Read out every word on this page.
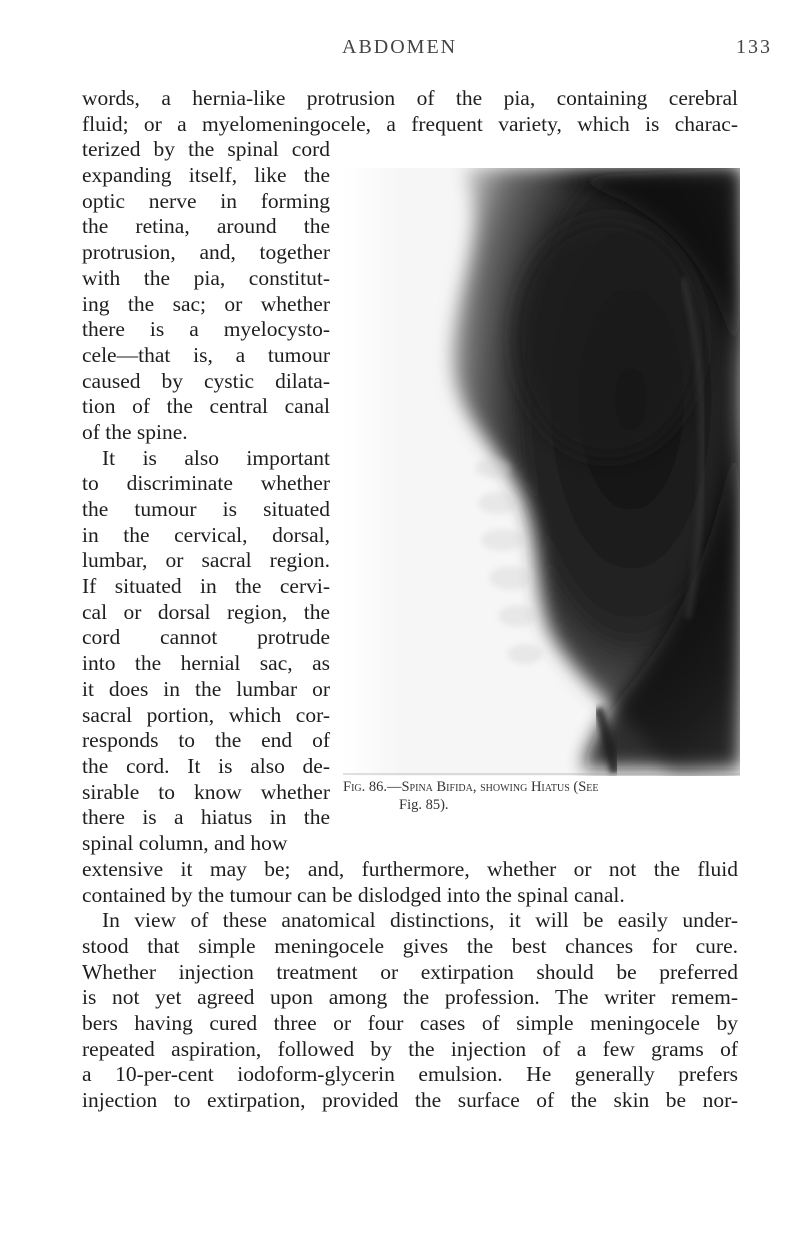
ABDOMEN	133
words, a hernia-like protrusion of the pia, containing cerebral
fluid; or a myelomeningocele, a frequent variety, which is charac-
terized by the spinal cord
expanding itself, like the
optic nerve in forming
the retina, around the
protrusion, and, together
with the pia, constitut-
ing the sac; or whether
there is a myelocysto-
cele—that is, a tumour
caused by cystic dilata-
tion of the central canal
of the spine.
It is also important
to discriminate whether
the tumour is situated
in the cervical, dorsal,
lumbar, or sacral region.
If situated in the cervi-
cal or dorsal region, the
cord cannot protrude
into the hernial sac, as
it does in the lumbar or
sacral portion, which cor-
responds to the end of
the cord. It is also de-
sirable to know whether
there is a hiatus in the
spinal column, and how
extensive it may be; and, furthermore, whether or not the fluid
contained by the tumour can be dislodged into the spinal canal.
In view of these anatomical distinctions, it will be easily under-
stood that simple meningocele gives the best chances for cure.
Whether injection treatment or extirpation should be preferred
is not yet agreed upon among the profession. The writer remem-
bers having cured three or four cases of simple meningocele by
repeated aspiration, followed by the injection of a few grams of
a 10-per-cent iodoform-glycerin emulsion. He generally prefers
injection to extirpation, provided the surface of the skin be nor-
Fig. 86.—Spina Bifida, showing Hiatus (See
Fig. 85).
